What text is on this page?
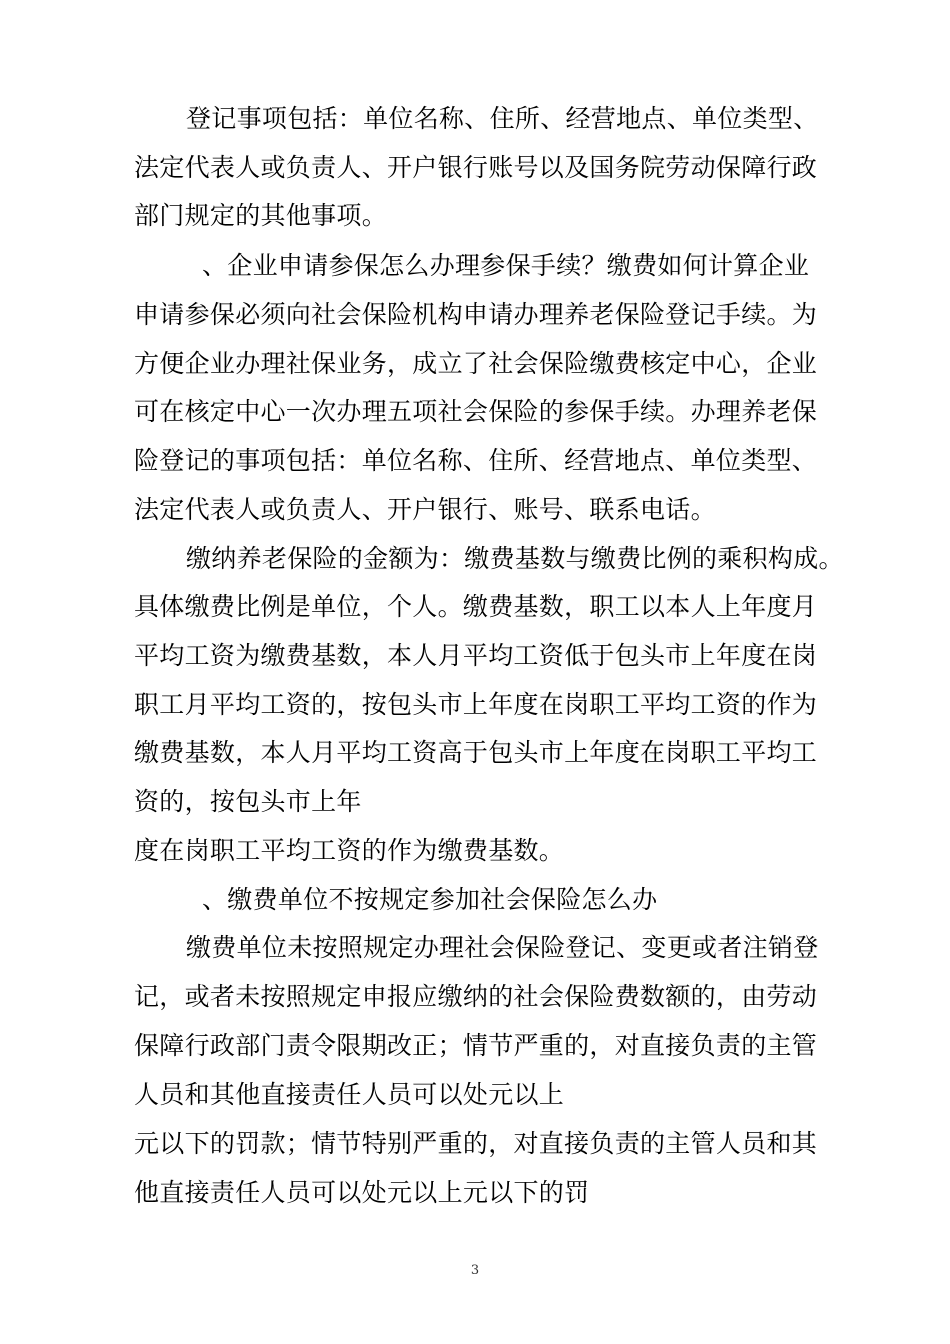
登记事项包括：单位名称、住所、经营地点、单位类型、
法定代表人或负责人、开户银行账号以及国务院劳动保障行政
部门规定的其他事项。
、企业申请参保怎么办理参保手续？缴费如何计算企业
申请参保必须向社会保险机构申请办理养老保险登记手续。为
方便企业办理社保业务，成立了社会保险缴费核定中心，企业
可在核定中心一次办理五项社会保险的参保手续。办理养老保
险登记的事项包括：单位名称、住所、经营地点、单位类型、
法定代表人或负责人、开户银行、账号、联系电话。
缴纳养老保险的金额为：缴费基数与缴费比例的乘积构成。
具体缴费比例是单位，个人。缴费基数，职工以本人上年度月
平均工资为缴费基数，本人月平均工资低于包头市上年度在岗
职工月平均工资的，按包头市上年度在岗职工平均工资的作为
缴费基数，本人月平均工资高于包头市上年度在岗职工平均工
资的，按包头市上年
度在岗职工平均工资的作为缴费基数。
、缴费单位不按规定参加社会保险怎么办
缴费单位未按照规定办理社会保险登记、变更或者注销登
记，或者未按照规定申报应缴纳的社会保险费数额的，由劳动
保障行政部门责令限期改正；情节严重的，对直接负责的主管
人员和其他直接责任人员可以处元以上
元以下的罚款；情节特别严重的，对直接负责的主管人员和其
他直接责任人员可以处元以上元以下的罚
3
